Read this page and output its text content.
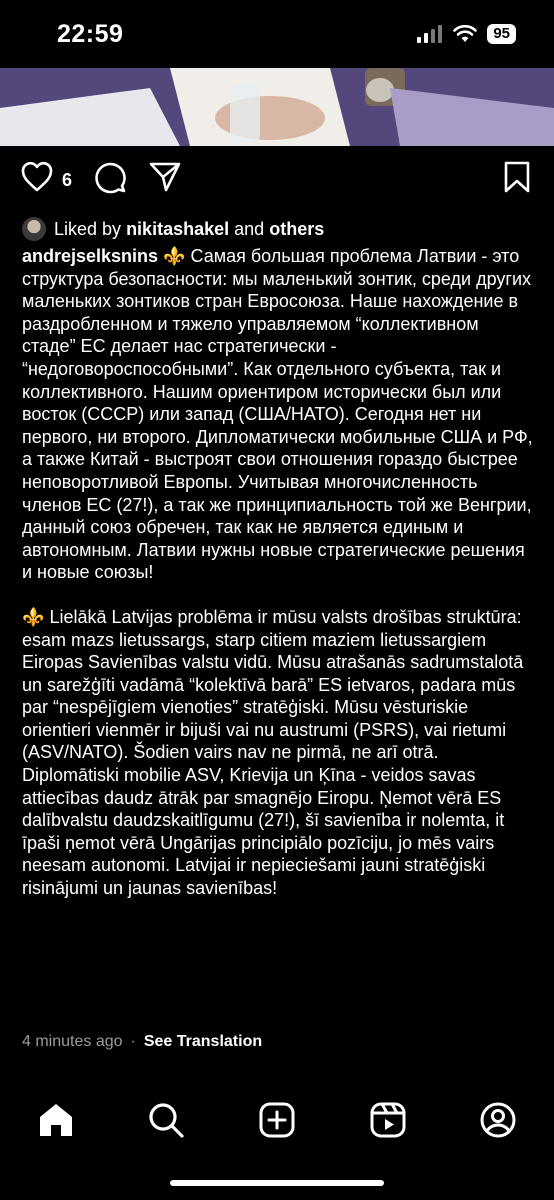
22:59	95
6
Liked by nikitashakel and others

andrejselksnins ⚜️ Самая большая проблема Латвии - это структура безопасности: мы маленький зонтик, среди других маленьких зонтиков стран Евросоюза. Наше нахождение в раздробленном и тяжело управляемом “коллективном стаде” ЕС делает нас стратегически - “недоговороспособными”. Как отдельного субъекта, так и коллективного. Нашим ориентиром исторически был или восток (СССР) или запад (США/НАТО). Сегодня нет ни первого, ни второго. Дипломатически мобильные США и РФ, а также Китай - выстроят свои отношения гораздо быстрее неповоротливой Европы. Учитывая многочисленность членов ЕС (27!), а так же принципиальность той же Венгрии, данный союз обречен, так как не является единым и автономным. Латвии нужны новые стратегические решения и новые союзы!

⚜️ Lielākā Latvijas problēma ir mūsu valsts drošības struktūra: esam mazs lietussargs, starp citiem maziem lietussargiem Eiropas Savienības valstu vidū. Mūsu atrašanās sadrumstalotā un sarežģīti vadāmā “kolektīvā barā” ES ietvaros, padara mūs par “nespējīgiem vienoties” stratēģiski. Mūsu vēsturiskie orientieri vienmēr ir bijuši vai nu austrumi (PSRS), vai rietumi (ASV/NATO). Šodien vairs nav ne pirmā, ne arī otrā. Diplomātiski mobilie ASV, Krievija un Ķīna - veidos savas attiecības daudz ātrāk par smagnējo Eiropu. Ņemot vērā ES dalībvalstu daudzskaitlīgumu (27!), šī savienība ir nolemta, it īpaši ņemot vērā Ungārijas principiālo pozīciju, jo mēs vairs neesam autonomi. Latvijai ir nepieciešami jauni stratēģiski risinājumi un jaunas savienības!

4 minutes ago · See Translation
